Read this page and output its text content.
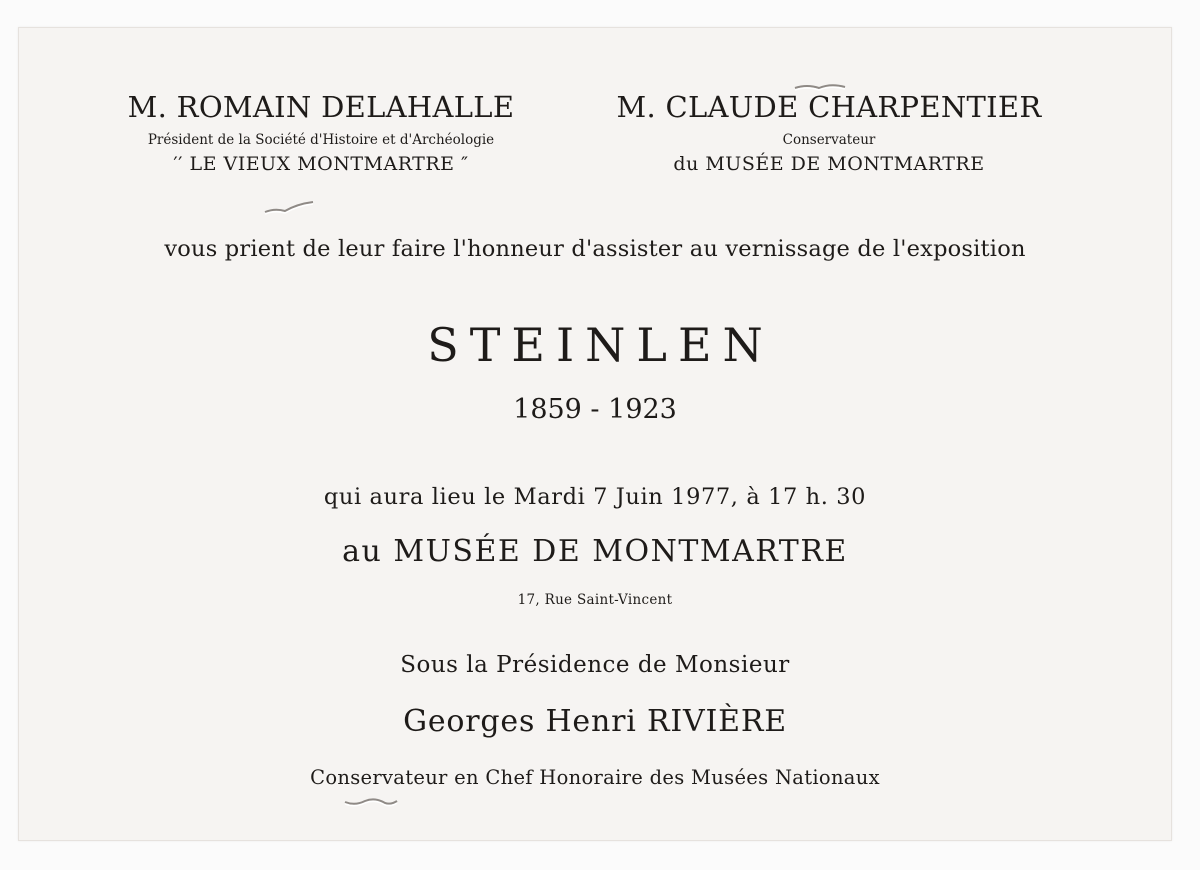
M. ROMAIN DELAHALLE
Président de la Société d'Histoire et d'Archéologie
′′ LE VIEUX MONTMARTRE ″
M. CLAUDE CHARPENTIER
Conservateur
du MUSÉE DE MONTMARTRE
vous prient de leur faire l'honneur d'assister au vernissage de l'exposition
STEINLEN
1859 - 1923
qui aura lieu le Mardi 7 Juin 1977, à 17 h. 30
au MUSÉE DE MONTMARTRE
17, Rue Saint-Vincent
Sous la Présidence de Monsieur
Georges Henri RIVIÈRE
Conservateur en Chef Honoraire des Musées Nationaux
